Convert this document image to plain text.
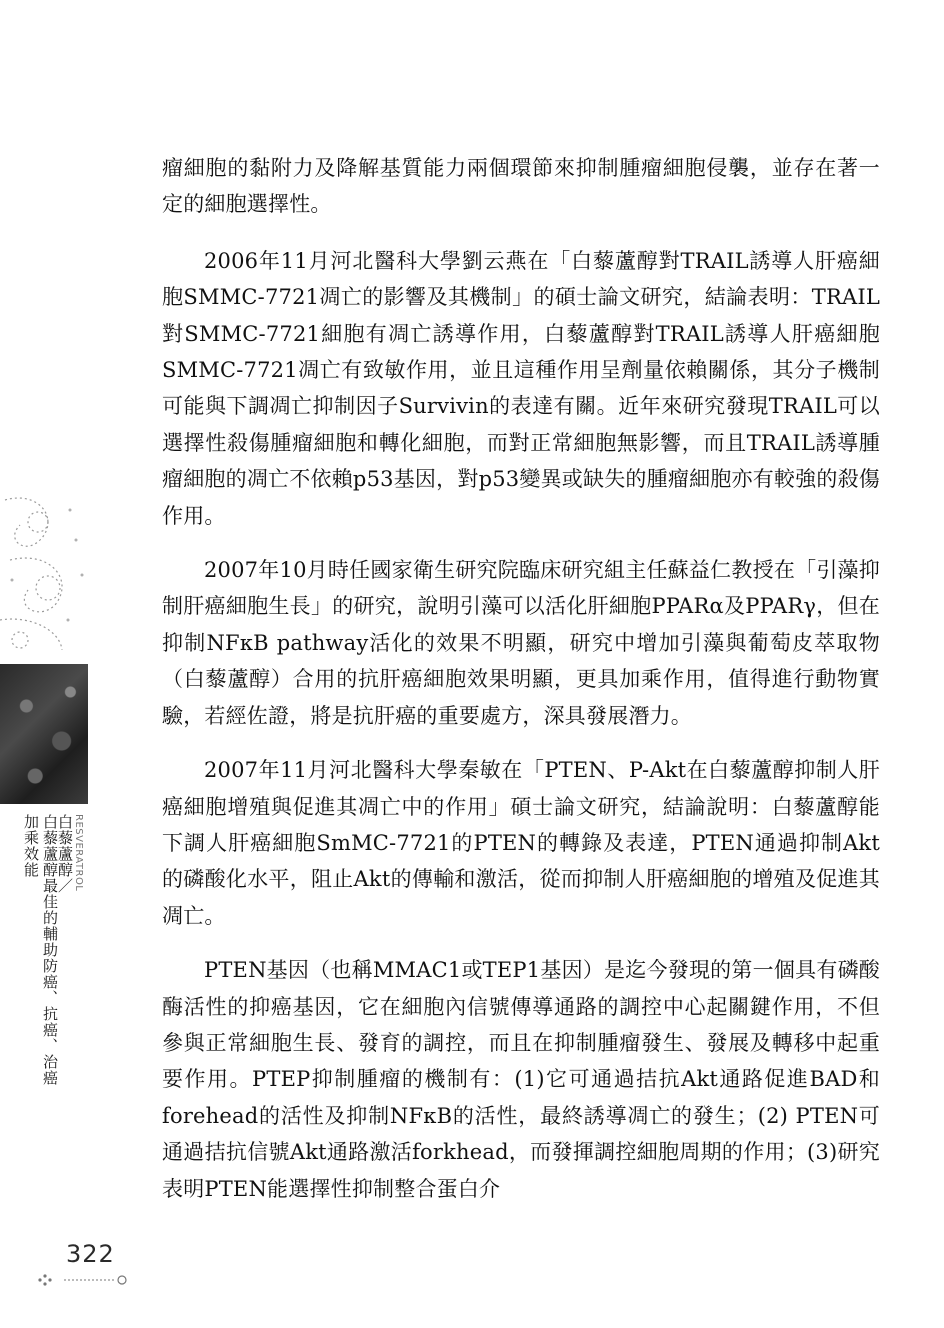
RESVERATROL
白藜蘆醇／
白藜蘆醇最佳的輔助防癌、抗癌、治癌
加乘效能

瘤細胞的黏附力及降解基質能力兩個環節來抑制腫瘤細胞侵襲，並存在著一定的細胞選擇性。

2006年11月河北醫科大學劉云燕在「白藜蘆醇對TRAIL誘導人肝癌細胞SMMC-7721凋亡的影響及其機制」的碩士論文研究，結論表明：TRAIL對SMMC-7721細胞有凋亡誘導作用，白藜蘆醇對TRAIL誘導人肝癌細胞SMMC-7721凋亡有致敏作用，並且這種作用呈劑量依賴關係，其分子機制可能與下調凋亡抑制因子Survivin的表達有關。近年來研究發現TRAIL可以選擇性殺傷腫瘤細胞和轉化細胞，而對正常細胞無影響，而且TRAIL誘導腫瘤細胞的凋亡不依賴p53基因，對p53變異或缺失的腫瘤細胞亦有較強的殺傷作用。

2007年10月時任國家衛生研究院臨床研究組主任蘇益仁教授在「引藻抑制肝癌細胞生長」的研究，說明引藻可以活化肝細胞PPARα及PPARγ，但在抑制NFκB pathway活化的效果不明顯，研究中增加引藻與葡萄皮萃取物（白藜蘆醇）合用的抗肝癌細胞效果明顯，更具加乘作用，值得進行動物實驗，若經佐證，將是抗肝癌的重要處方，深具發展潛力。

2007年11月河北醫科大學秦敏在「PTEN、P-Akt在白藜蘆醇抑制人肝癌細胞增殖與促進其凋亡中的作用」碩士論文研究，結論說明：白藜蘆醇能下調人肝癌細胞SmMC-7721的PTEN的轉錄及表達，PTEN通過抑制Akt的磷酸化水平，阻止Akt的傳輸和激活，從而抑制人肝癌細胞的增殖及促進其凋亡。

PTEN基因（也稱MMAC1或TEP1基因）是迄今發現的第一個具有磷酸酶活性的抑癌基因，它在細胞內信號傳導通路的調控中心起關鍵作用，不但參與正常細胞生長、發育的調控，而且在抑制腫瘤發生、發展及轉移中起重要作用。PTEP抑制腫瘤的機制有：(1)它可通過拮抗Akt通路促進BAD和forehead的活性及抑制NFκB的活性，最終誘導凋亡的發生；(2) PTEN可通過拮抗信號Akt通路激活forkhead，而發揮調控細胞周期的作用；(3)研究表明PTEN能選擇性抑制整合蛋白介

322
